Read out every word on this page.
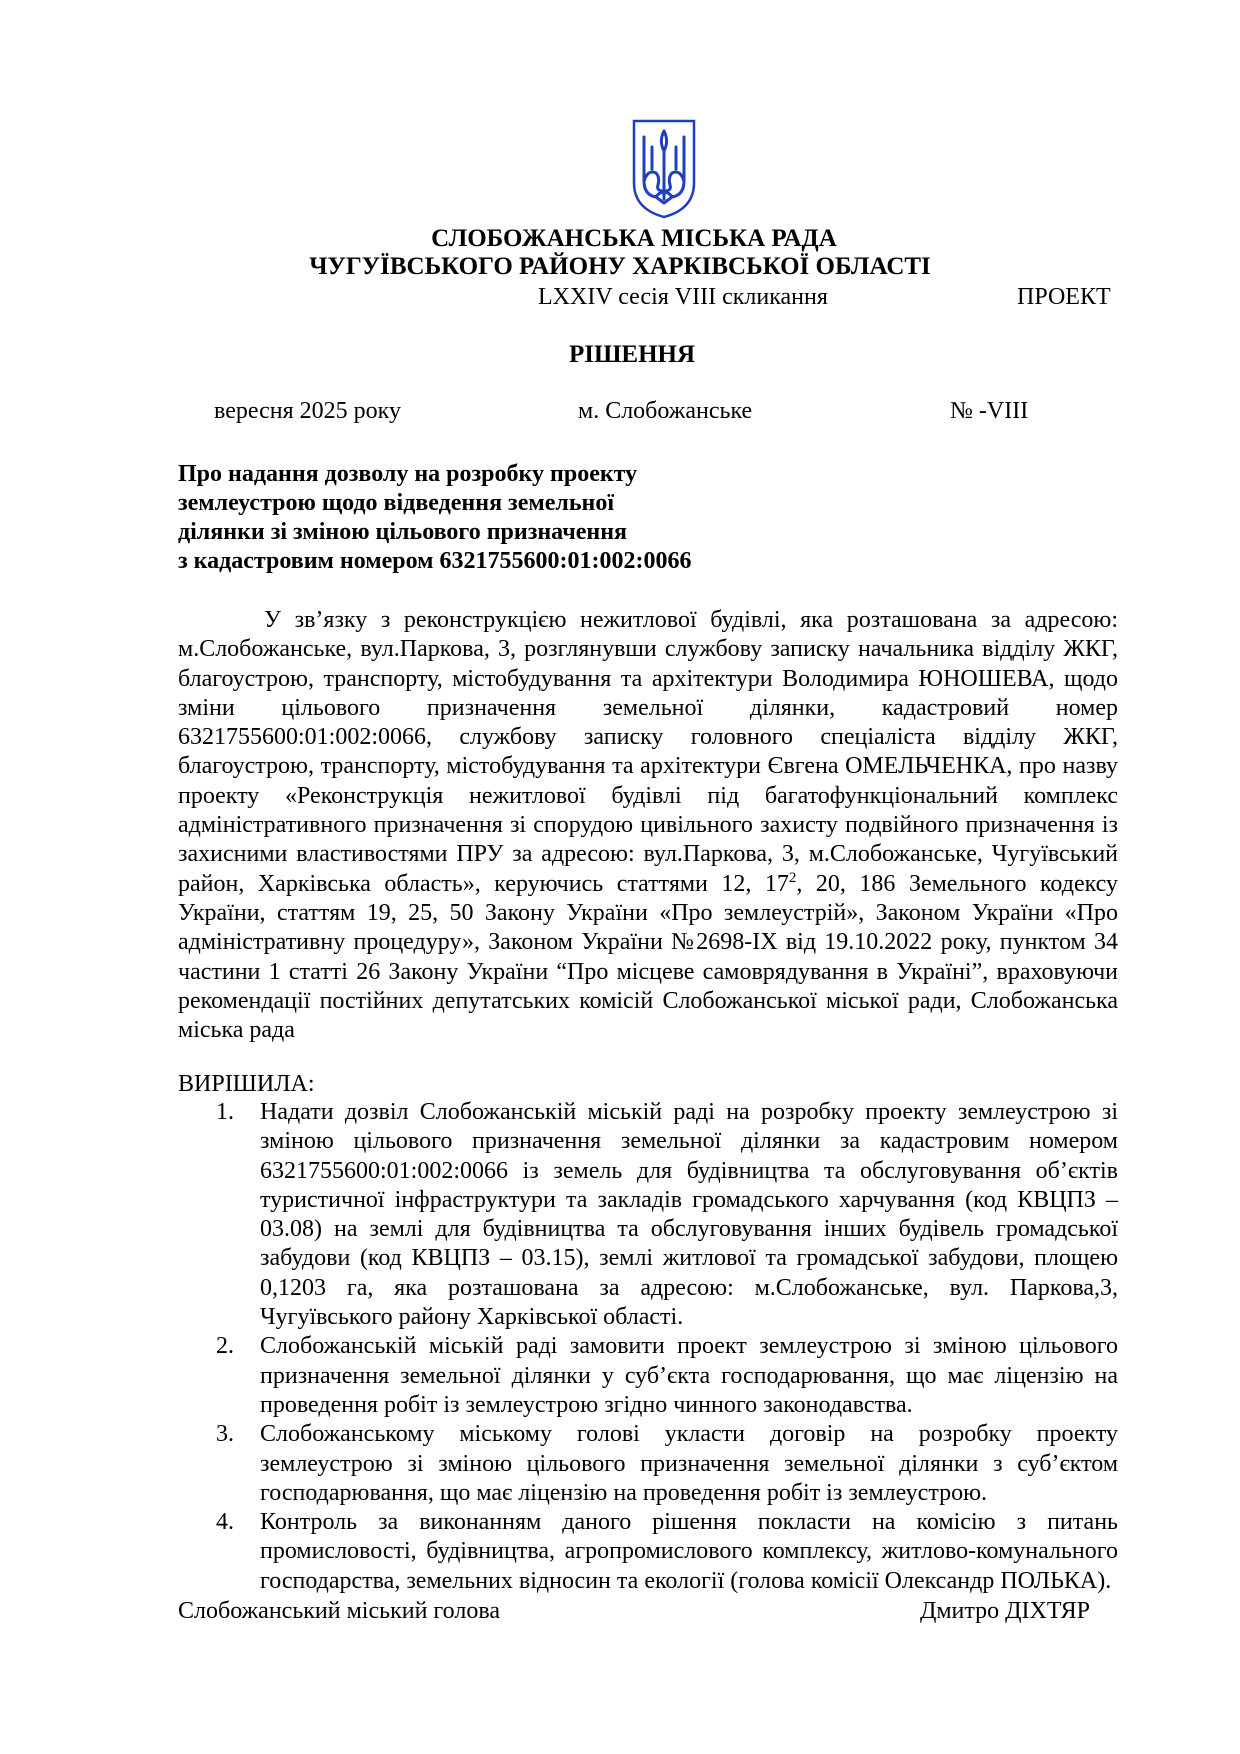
СЛОБОЖАНСЬКА МІСЬКА РАДА
ЧУГУЇВСЬКОГО РАЙОНУ ХАРКІВСЬКОЇ ОБЛАСТІ
LXXIV сесія VIII скликання	ПРОЕКТ
РІШЕННЯ
вересня 2025 року	м. Слобожанське	№ -VIII
Про надання дозволу на розробку проекту
землеустрою щодо відведення земельної
ділянки зі зміною цільового призначення
з кадастровим номером 6321755600:01:002:0066
У зв’язку з реконструкцією нежитлової будівлі, яка розташована за адресою: м.Слобожанське, вул.Паркова, 3, розглянувши службову записку начальника відділу ЖКГ, благоустрою, транспорту, містобудування та архітектури Володимира ЮНОШЕВА, щодо зміни цільового призначення земельної ділянки, кадастровий номер 6321755600:01:002:0066, службову записку головного спеціаліста відділу ЖКГ, благоустрою, транспорту, містобудування та архітектури Євгена ОМЕЛЬЧЕНКА, про назву проекту «Реконструкція нежитлової будівлі під багатофункціональний комплекс адміністративного призначення зі спорудою цивільного захисту подвійного призначення із захисними властивостями ПРУ за адресою: вул.Паркова, 3, м.Слобожанське, Чугуївський район, Харківська область», керуючись статтями 12, $17^2$, 20, 186 Земельного кодексу України, статтям 19, 25, 50 Закону України «Про землеустрій», Законом України «Про адміністративну процедуру», Законом України №2698-IX від 19.10.2022 року, пунктом 34 частини 1 статті 26 Закону України “Про місцеве самоврядування в Україні”, враховуючи рекомендації постійних депутатських комісій Слобожанської міської ради, Слобожанська міська рада
ВИРІШИЛА:
1. Надати дозвіл Слобожанській міській раді на розробку проекту землеустрою зі зміною цільового призначення земельної ділянки за кадастровим номером 6321755600:01:002:0066 із земель для будівництва та обслуговування об’єктів туристичної інфраструктури та закладів громадського харчування (код КВЦПЗ – 03.08) на землі для будівництва та обслуговування інших будівель громадської забудови (код КВЦПЗ – 03.15), землі житлової та громадської забудови, площею 0,1203 га, яка розташована за адресою: м.Слобожанське, вул. Паркова,3, Чугуївського району Харківської області.
2. Слобожанській міській раді замовити проект землеустрою зі зміною цільового призначення земельної ділянки у суб’єкта господарювання, що має ліцензію на проведення робіт із землеустрою згідно чинного законодавства.
3. Слобожанському міському голові укласти договір на розробку проекту землеустрою зі зміною цільового призначення земельної ділянки з суб’єктом господарювання, що має ліцензію на проведення робіт із землеустрою.
4. Контроль за виконанням даного рішення покласти на комісію з питань промисловості, будівництва, агропромислового комплексу, житлово-комунального господарства, земельних відносин та екології (голова комісії Олександр ПОЛЬКА).
Слобожанський міський голова	Дмитро ДІХТЯР
